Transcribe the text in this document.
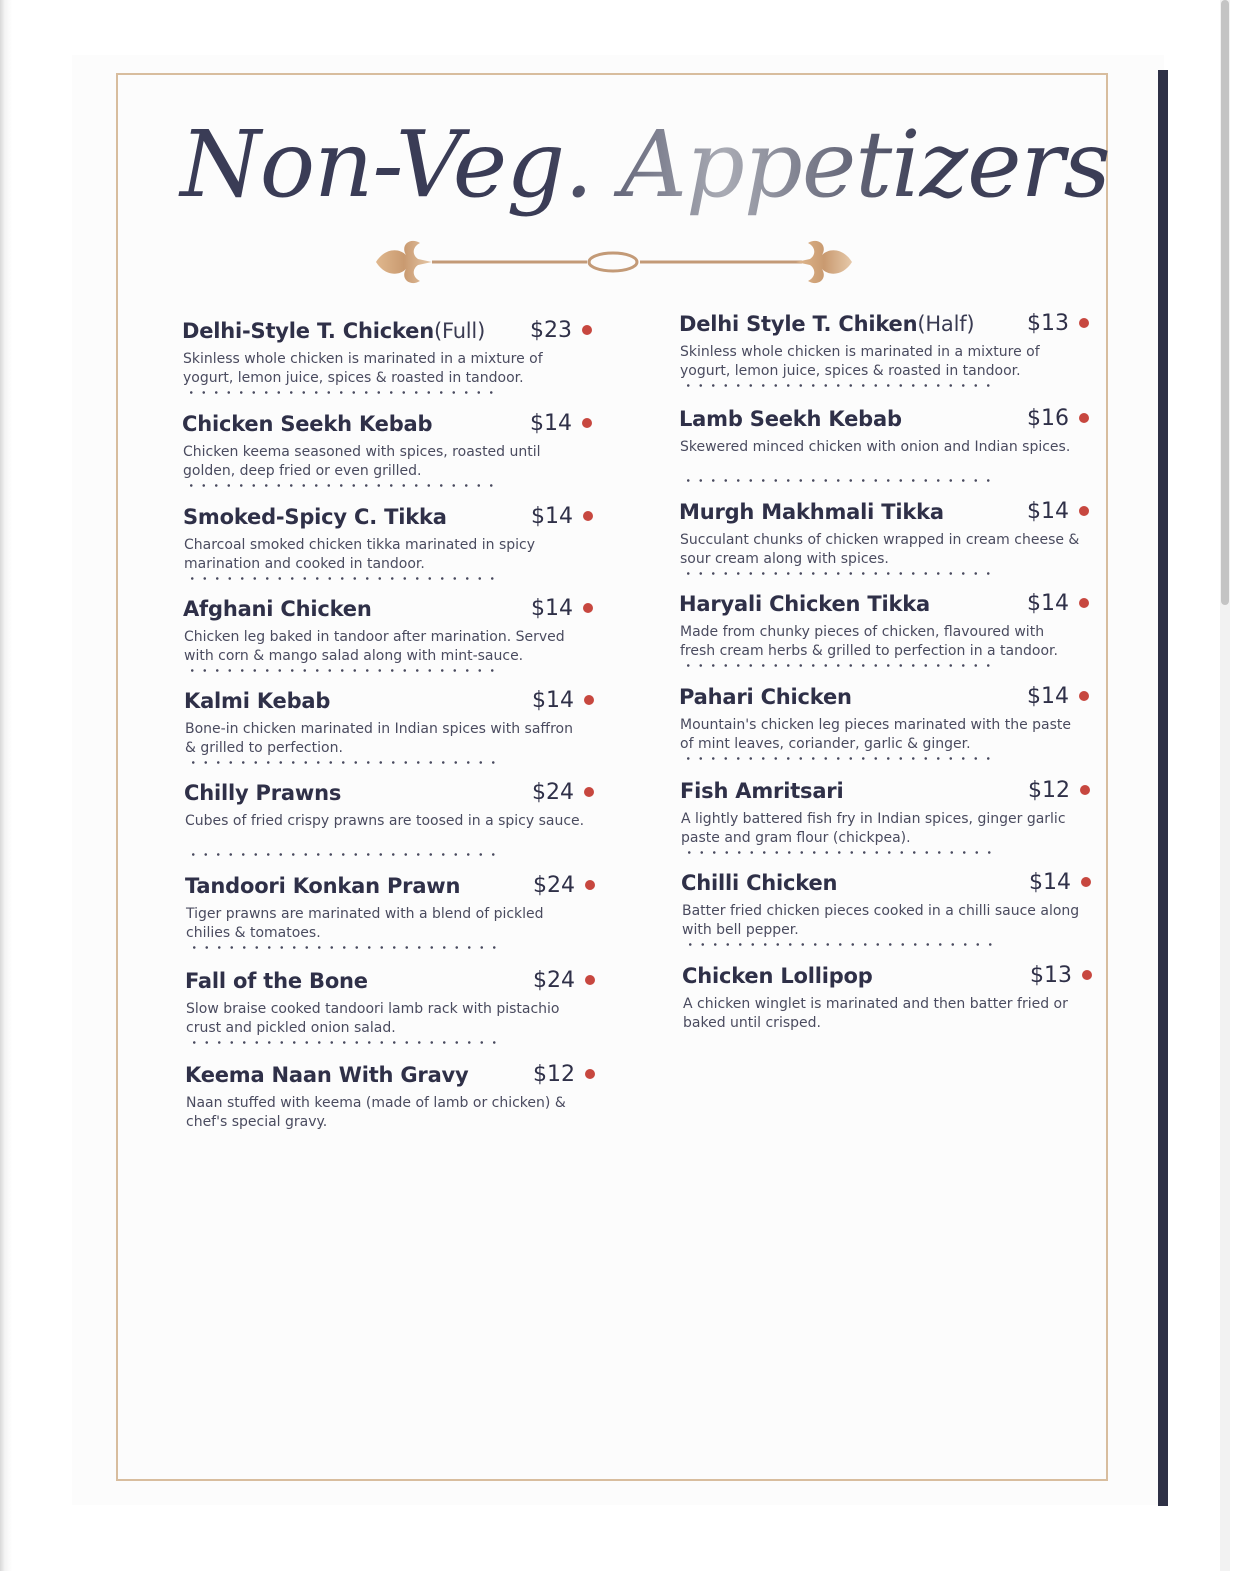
Non-Veg. Appetizers
Delhi-Style T. Chicken(Full) $23
Skinless whole chicken is marinated in a mixture of yogurt, lemon juice, spices & roasted in tandoor.
Chicken Seekh Kebab	$14
Chicken keema seasoned with spices, roasted until golden, deep fried or even grilled.
Smoked-Spicy C. Tikka	$14
Charcoal smoked chicken tikka marinated in spicy marination and cooked in tandoor.
Afghani Chicken	$14
Chicken leg baked in tandoor after marination. Served with corn & mango salad along with mint-sauce.
Kalmi Kebab	$14
Bone-in chicken marinated in Indian spices with saffron & grilled to perfection.
Chilly Prawns	$24
Cubes of fried crispy prawns are toosed in a spicy sauce.
Tandoori Konkan Prawn	$24
Tiger prawns are marinated with a blend of pickled chilies & tomatoes.
Fall of the Bone	$24
Slow braise cooked tandoori lamb rack with pistachio crust and pickled onion salad.
Keema Naan With Gravy	$12
Naan stuffed with keema (made of lamb or chicken) & chef's special gravy.
Delhi Style T. Chiken(Half) $13
Skinless whole chicken is marinated in a mixture of yogurt, lemon juice, spices & roasted in tandoor.
Lamb Seekh Kebab	$16
Skewered minced chicken with onion and Indian spices.
Murgh Makhmali Tikka	$14
Succulant chunks of chicken wrapped in cream cheese & sour cream along with spices.
Haryali Chicken Tikka	$14
Made from chunky pieces of chicken, flavoured with fresh cream herbs & grilled to perfection in a tandoor.
Pahari Chicken	$14
Mountain's chicken leg pieces marinated with the paste of mint leaves, coriander, garlic & ginger.
Fish Amritsari	$12
A lightly battered fish fry in Indian spices, ginger garlic paste and gram flour (chickpea).
Chilli Chicken	$14
Batter fried chicken pieces cooked in a chilli sauce along with bell pepper.
Chicken Lollipop	$13
A chicken winglet is marinated and then batter fried or baked until crisped.
